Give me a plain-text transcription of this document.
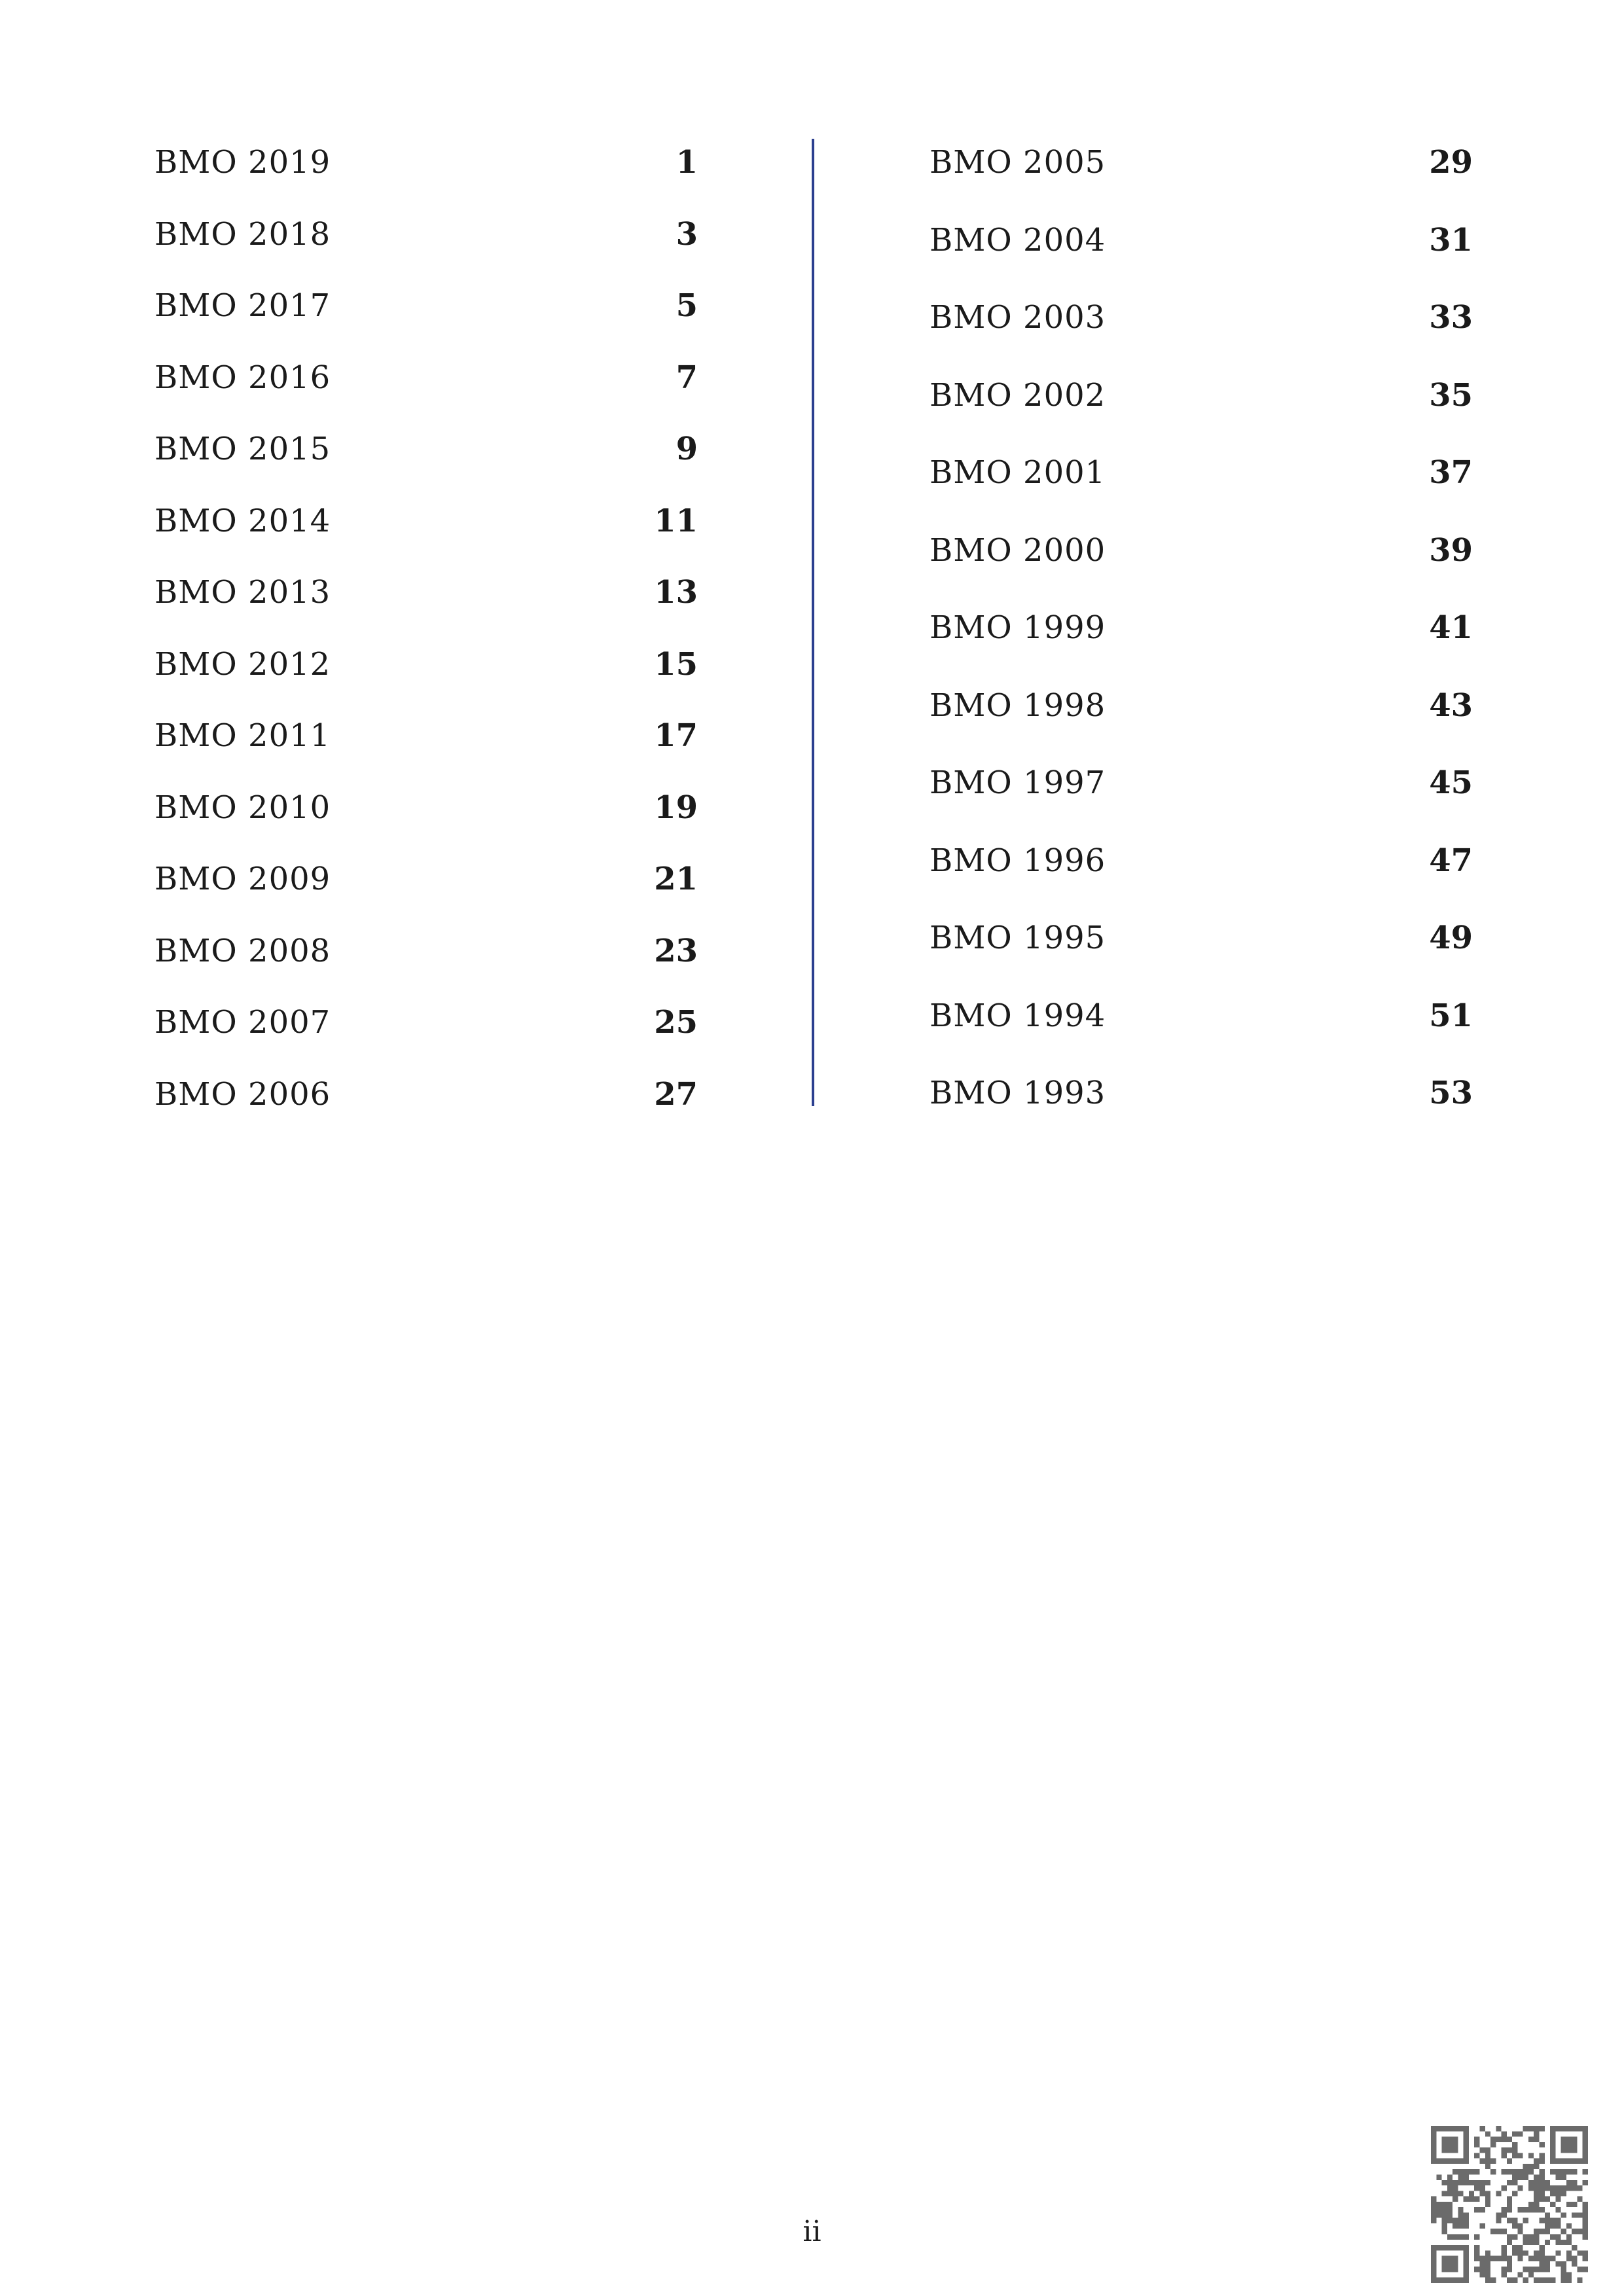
BMO 2019	1
BMO 2018	3
BMO 2017	5
BMO 2016	7
BMO 2015	9
BMO 2014	11
BMO 2013	13
BMO 2012	15
BMO 2011	17
BMO 2010	19
BMO 2009	21
BMO 2008	23
BMO 2007	25
BMO 2006	27
BMO 2005	29
BMO 2004	31
BMO 2003	33
BMO 2002	35
BMO 2001	37
BMO 2000	39
BMO 1999	41
BMO 1998	43
BMO 1997	45
BMO 1996	47
BMO 1995	49
BMO 1994	51
BMO 1993	53
ii
